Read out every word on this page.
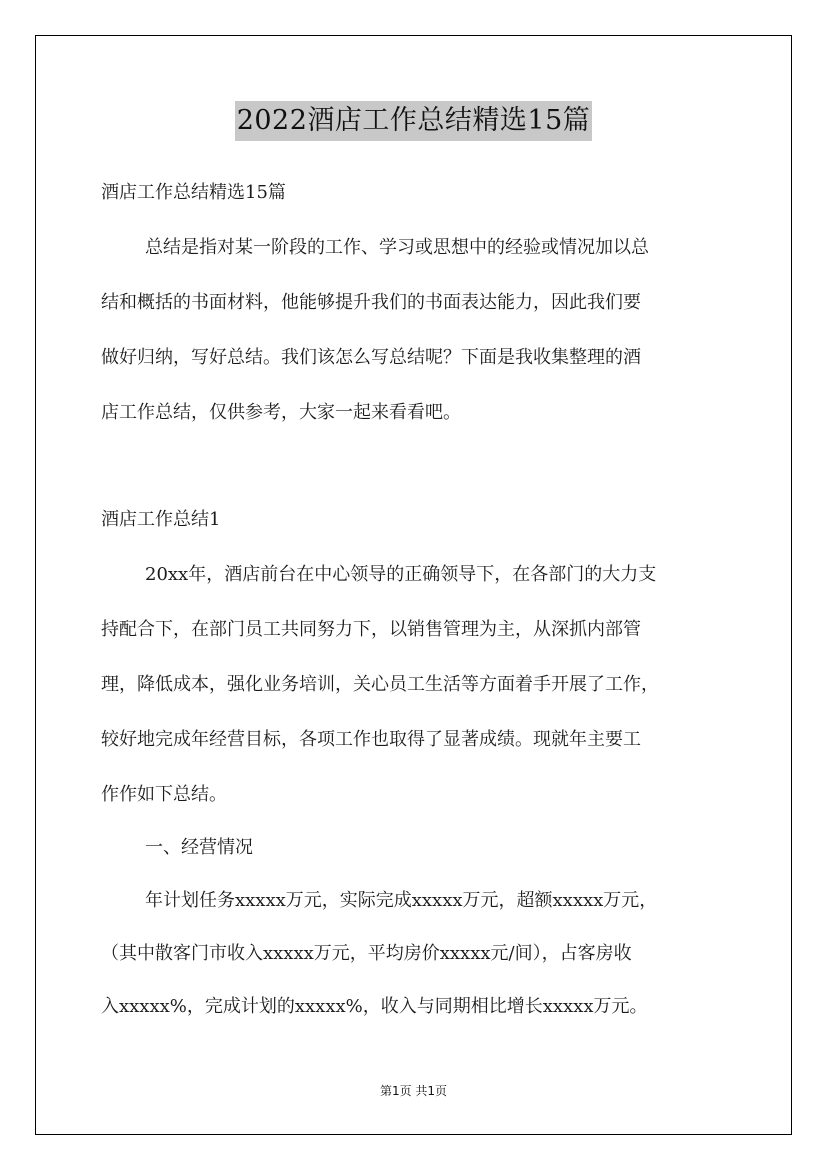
2022酒店工作总结精选15篇
酒店工作总结精选15篇
总结是指对某一阶段的工作、学习或思想中的经验或情况加以总
结和概括的书面材料，他能够提升我们的书面表达能力，因此我们要
做好归纳，写好总结。我们该怎么写总结呢？下面是我收集整理的酒
店工作总结，仅供参考，大家一起来看看吧。
酒店工作总结1
20xx年，酒店前台在中心领导的正确领导下，在各部门的大力支
持配合下，在部门员工共同努力下，以销售管理为主，从深抓内部管
理，降低成本，强化业务培训，关心员工生活等方面着手开展了工作，
较好地完成年经营目标，各项工作也取得了显著成绩。现就年主要工
作作如下总结。
一、经营情况
年计划任务xxxxx万元，实际完成xxxxx万元，超额xxxxx万元，
（其中散客门市收入xxxxx万元，平均房价xxxxx元/间），占客房收
入xxxxx%，完成计划的xxxxx%，收入与同期相比增长xxxxx万元。
第1页 共1页
